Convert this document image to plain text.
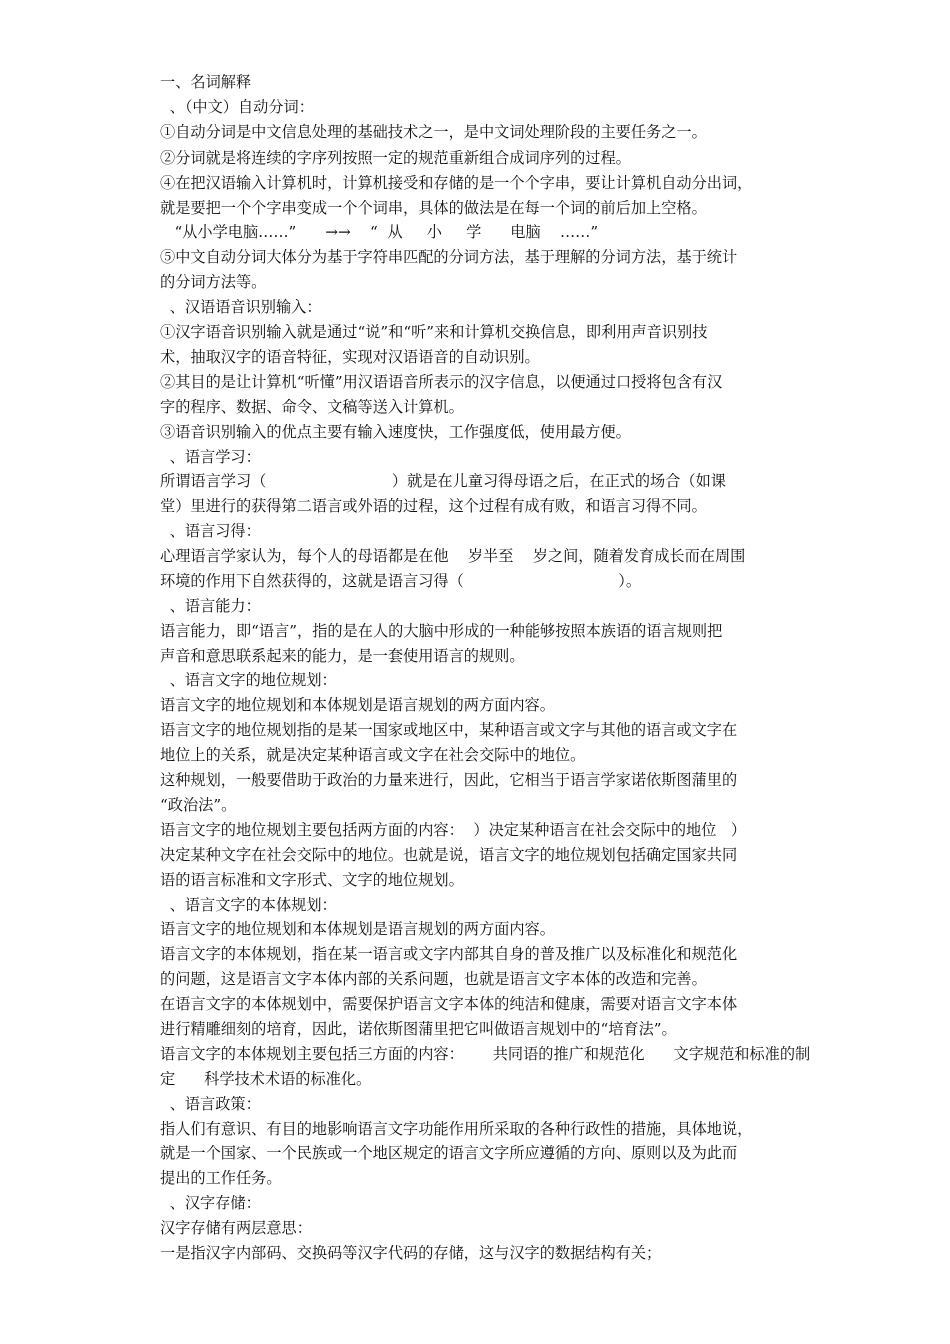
一、名词解释
、（中文）自动分词：
①自动分词是中文信息处理的基础技术之一，是中文词处理阶段的主要任务之一。
②分词就是将连续的字序列按照一定的规范重新组合成词序列的过程。
④在把汉语输入计算机时，计算机接受和存储的是一个个字串，要让计算机自动分出词，
就是要把一个个字串变成一个个词串，具体的做法是在每一个词的前后加上空格。
“从小学电脑……”      →→    “  从     小     学      电脑    ……”
⑤中文自动分词大体分为基于字符串匹配的分词方法，基于理解的分词方法，基于统计
的分词方法等。
、汉语语音识别输入：
①汉字语音识别输入就是通过“说”和“听”来和计算机交换信息，即利用声音识别技
术，抽取汉字的语音特征，实现对汉语语音的自动识别。
②其目的是让计算机“听懂”用汉语语音所表示的汉字信息，以便通过口授将包含有汉
字的程序、数据、命令、文稿等送入计算机。
③语音识别输入的优点主要有输入速度快，工作强度低，使用最方便。
、语言学习：
所谓语言学习（                          ）就是在儿童习得母语之后，在正式的场合（如课
堂）里进行的获得第二语言或外语的过程，这个过程有成有败，和语言习得不同。
、语言习得：
心理语言学家认为，每个人的母语都是在他    岁半至    岁之间，随着发育成长而在周围
环境的作用下自然获得的，这就是语言习得（                                ）。
、语言能力：
语言能力，即“语言”，指的是在人的大脑中形成的一种能够按照本族语的语言规则把
声音和意思联系起来的能力，是一套使用语言的规则。
、语言文字的地位规划：
语言文字的地位规划和本体规划是语言规划的两方面内容。
语言文字的地位规划指的是某一国家或地区中，某种语言或文字与其他的语言或文字在
地位上的关系，就是决定某种语言或文字在社会交际中的地位。
这种规划，一般要借助于政治的力量来进行，因此，它相当于语言学家诺依斯图蒲里的
“政治法”。
语言文字的地位规划主要包括两方面的内容：  ）决定某种语言在社会交际中的地位   ）
决定某种文字在社会交际中的地位。也就是说，语言文字的地位规划包括确定国家共同
语的语言标准和文字形式、文字的地位规划。
、语言文字的本体规划：
语言文字的地位规划和本体规划是语言规划的两方面内容。
语言文字的本体规划，指在某一语言或文字内部其自身的普及推广以及标准化和规范化
的问题，这是语言文字本体内部的关系问题，也就是语言文字本体的改造和完善。
在语言文字的本体规划中，需要保护语言文字本体的纯洁和健康，需要对语言文字本体
进行精雕细刻的培育，因此，诺依斯图蒲里把它叫做语言规划中的“培育法”。
语言文字的本体规划主要包括三方面的内容：      共同语的推广和规范化      文字规范和标准的制
定      科学技术术语的标准化。
、语言政策：
指人们有意识、有目的地影响语言文字功能作用所采取的各种行政性的措施，具体地说，
就是一个国家、一个民族或一个地区规定的语言文字所应遵循的方向、原则以及为此而
提出的工作任务。
、汉字存储：
汉字存储有两层意思：
一是指汉字内部码、交换码等汉字代码的存储，这与汉字的数据结构有关；
